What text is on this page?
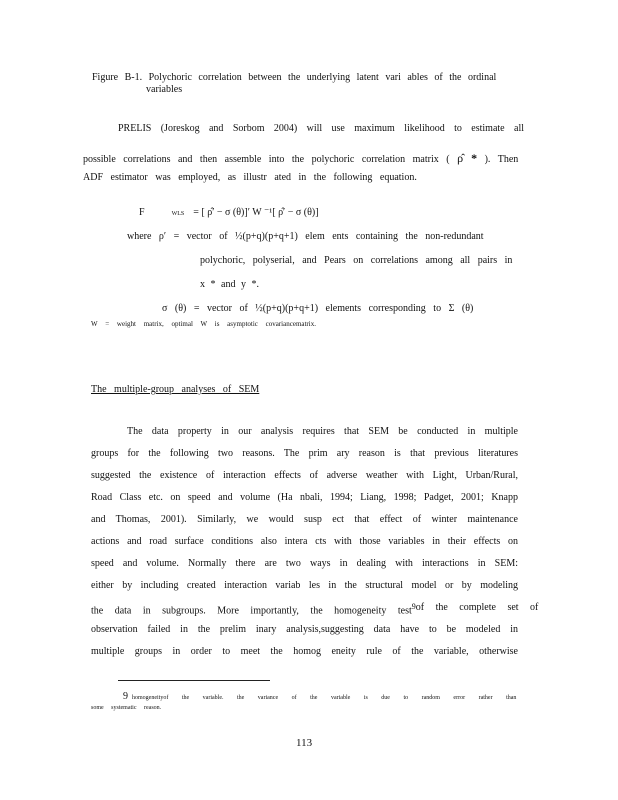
Figure B-1. Polychoric correlation between the underlying latent vari ables of the ordinal
variables
PRELIS (Joreskog and Sorbom 2004) will use maximum likelihood to estimate all
possible correlations and then assemble into the polychoric correlation matrix ( ρ̂ * ). Then
ADF estimator was employed, as illustr ated in the following equation.
F	WLS = [ ρ̂′ − σ (θ)]′ W ⁻¹[ ρ̂′ − σ (θ)]
where ρ′ = vector of ½(p+q)(p+q+1) elem ents containing the non-redundant
polychoric, polyserial, and Pears on correlations among all pairs in
x * and y *.
σ (θ) = vector of ½(p+q)(p+q+1) elements corresponding to Σ (θ)
W = weight matrix, optimal W is asymptotic covariancematrix.
The multiple-group analyses of SEM
The data property in our analysis requires that SEM be conducted in multiple
groups for the following two reasons. The prim ary reason is that previous literatures
suggested the existence of interaction effects of adverse weather with Light, Urban/Rural,
Road Class etc. on speed and volume (Ha nbali, 1994; Liang, 1998; Padget, 2001; Knapp
and Thomas, 2001). Similarly, we would susp ect that effect of winter maintenance
actions and road surface conditions also intera cts with those variables in their effects on
speed and volume. Normally there are two ways in dealing with interactions in SEM:
either by including created interaction variab les in the structural model or by modeling
the data in subgroups. More importantly, the homogeneity test$^9$ of the complete set of
observation failed in the prelim inary analysis,suggesting data have to be modeled in
multiple groups in order to meet the homog eneity rule of the variable, otherwise
9 homogeneityof the variable. the variance of the variable is due to random error rather than
some systematic reason.
113
